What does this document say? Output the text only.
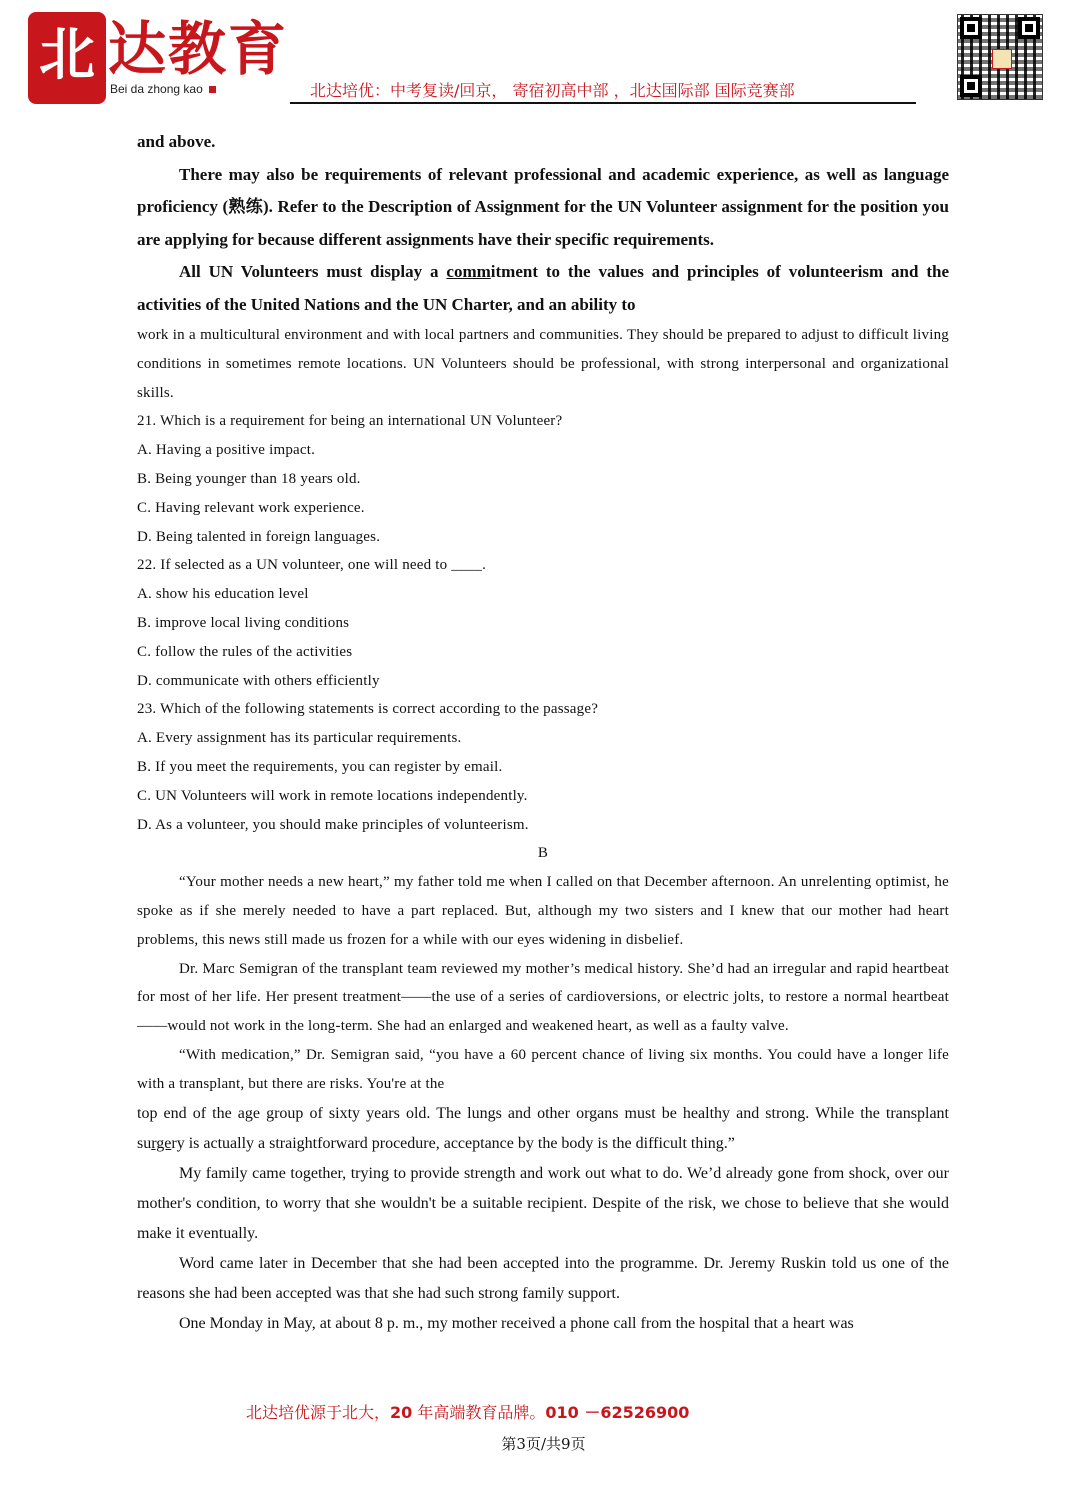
北 达教育
Bei da zhong kao	北达培优：中考复读/回京， 寄宿初高中部 ，北达国际部 国际竞赛部

and above.

There may also be requirements of relevant professional and academic experience, as well as language proficiency (熟练). Refer to the Description of Assignment for the UN Volunteer assignment for the position you are applying for because different assignments have their specific requirements.

All UN Volunteers must display a commitment to the values and principles of volunteerism and the activities of the United Nations and the UN Charter, and an ability to

work in a multicultural environment and with local partners and communities. They should be prepared to adjust to difficult living conditions in sometimes remote locations. UN Volunteers should be professional, with strong interpersonal and organizational skills.

21. Which is a requirement for being an international UN Volunteer?

A. Having a positive impact.

B. Being younger than 18 years old.

C. Having relevant work experience.

D. Being talented in foreign languages.

22. If selected as a UN volunteer, one will need to ____.

A. show his education level

B. improve local living conditions

C. follow the rules of the activities

D. communicate with others efficiently

23. Which of the following statements is correct according to the passage?

A. Every assignment has its particular requirements.

B. If you meet the requirements, you can register by email.

C. UN Volunteers will work in remote locations independently.

D. As a volunteer, you should make principles of volunteerism.

B

“Your mother needs a new heart,” my father told me when I called on that December afternoon. An unrelenting optimist, he spoke as if she merely needed to have a part replaced. But, although my two sisters and I knew that our mother had heart problems, this news still made us frozen for a while with our eyes widening in disbelief.

Dr. Marc Semigran of the transplant team reviewed my mother’s medical history. She’d had an irregular and rapid heartbeat for most of her life. Her present treatment——the use of a series of cardioversions, or electric jolts, to restore a normal heartbeat——would not work in the long-term. She had an enlarged and weakened heart, as well as a faulty valve.

“With medication,” Dr. Semigran said, “you have a 60 percent chance of living six months. You could have a longer life with a transplant, but there are risks. You're at the

top end of the age group of sixty years old. The lungs and other organs must be healthy and strong. While the transplant surgery is actually a straightforward procedure, acceptance by the body is the difficult thing.”

My family came together, trying to provide strength and work out what to do. We’d already gone from shock, over our mother's condition, to worry that she wouldn't be a suitable recipient. Despite of the risk, we chose to believe that she would make it eventually.

Word came later in December that she had been accepted into the programme. Dr. Jeremy Ruskin told us one of the reasons she had been accepted was that she had such strong family support.

One Monday in May, at about 8 p. m., my mother received a phone call from the hospital that a heart was

北达培优源于北大，20 年高端教育品牌。010 －62526900
第3页/共9页
